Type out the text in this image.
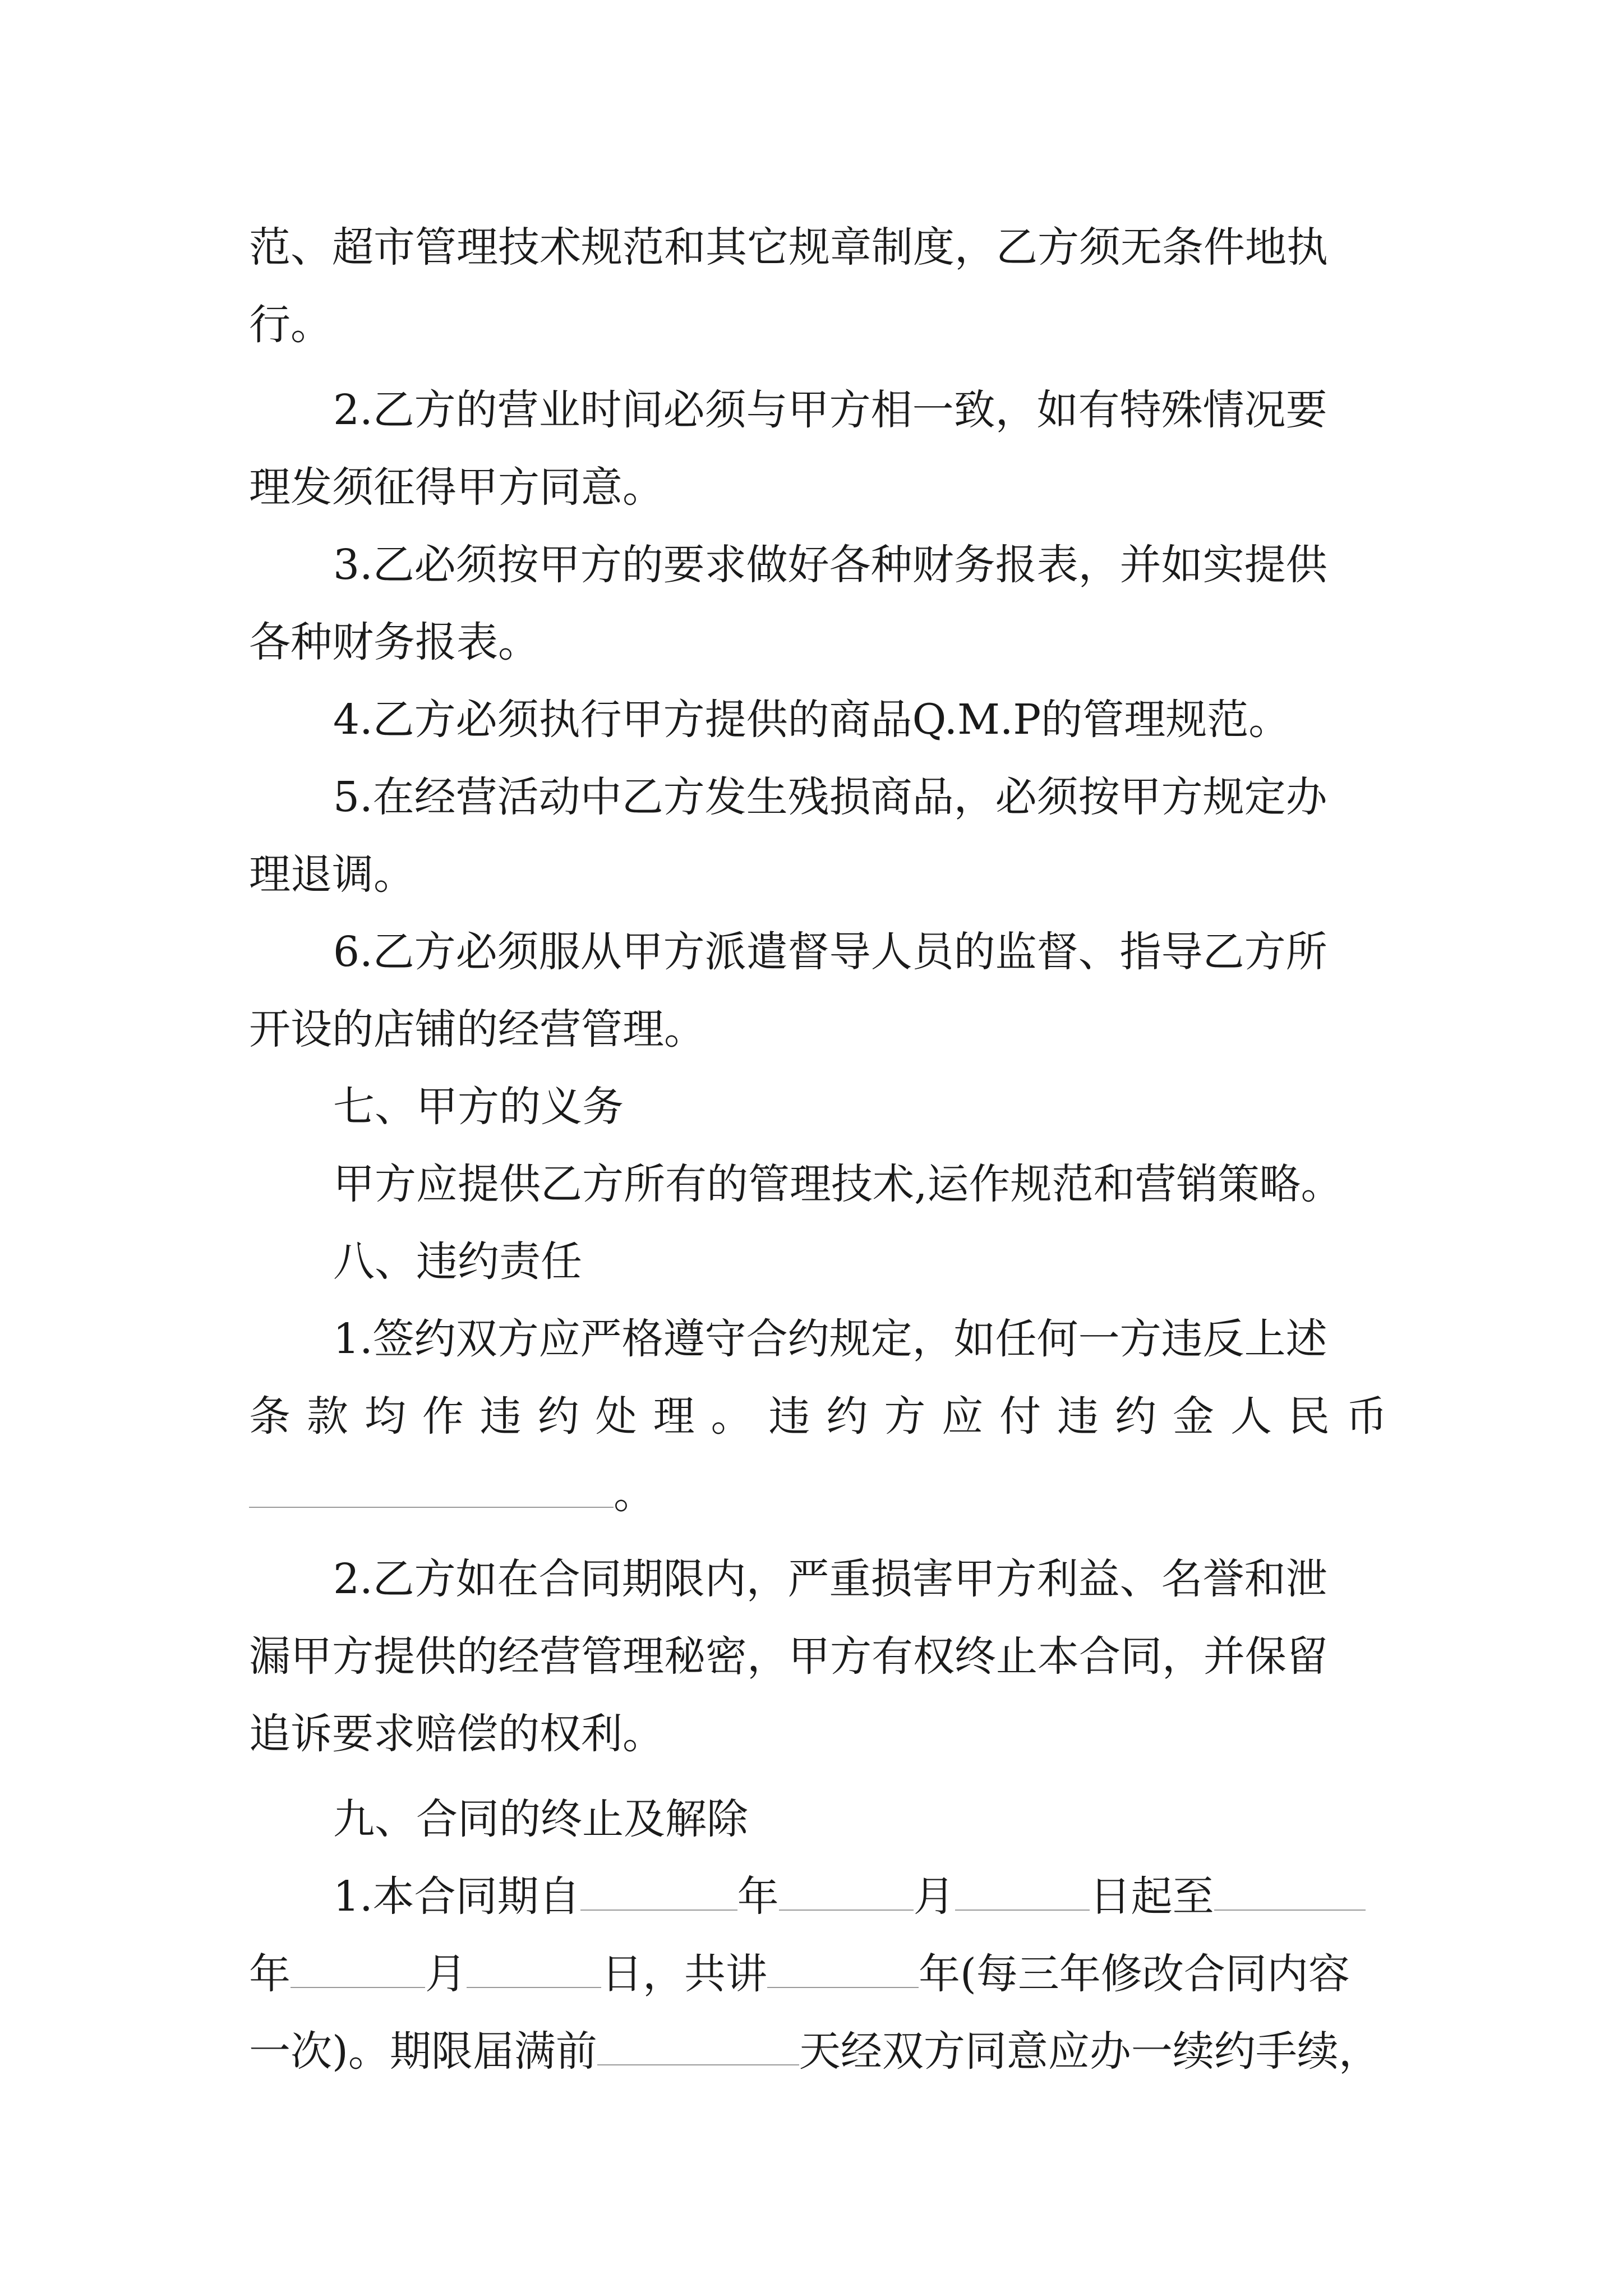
范、超市管理技术规范和其它规章制度，乙方须无条件地执
行。
2.乙方的营业时间必须与甲方相一致，如有特殊情况要
理发须征得甲方同意。
3.乙必须按甲方的要求做好各种财务报表，并如实提供
各种财务报表。
4.乙方必须执行甲方提供的商品Q.M.P的管理规范。
5.在经营活动中乙方发生残损商品，必须按甲方规定办
理退调。
6.乙方必须服从甲方派遣督导人员的监督、指导乙方所
开设的店铺的经营管理。
七、甲方的义务
甲方应提供乙方所有的管理技术,运作规范和营销策略。
八、违约责任
1.签约双方应严格遵守合约规定，如任何一方违反上述
条 款 均 作 违 约 处 理 。 违 约 方 应 付 违 约 金 人 民 币
。
2.乙方如在合同期限内，严重损害甲方利益、名誉和泄
漏甲方提供的经营管理秘密，甲方有权终止本合同，并保留
追诉要求赔偿的权利。
九、合同的终止及解除
1.本合同期自	年	月	日起至
年	月	日，共讲	年(每三年修改合同内容
一次)。期限届满前	天经双方同意应办一续约手续，
